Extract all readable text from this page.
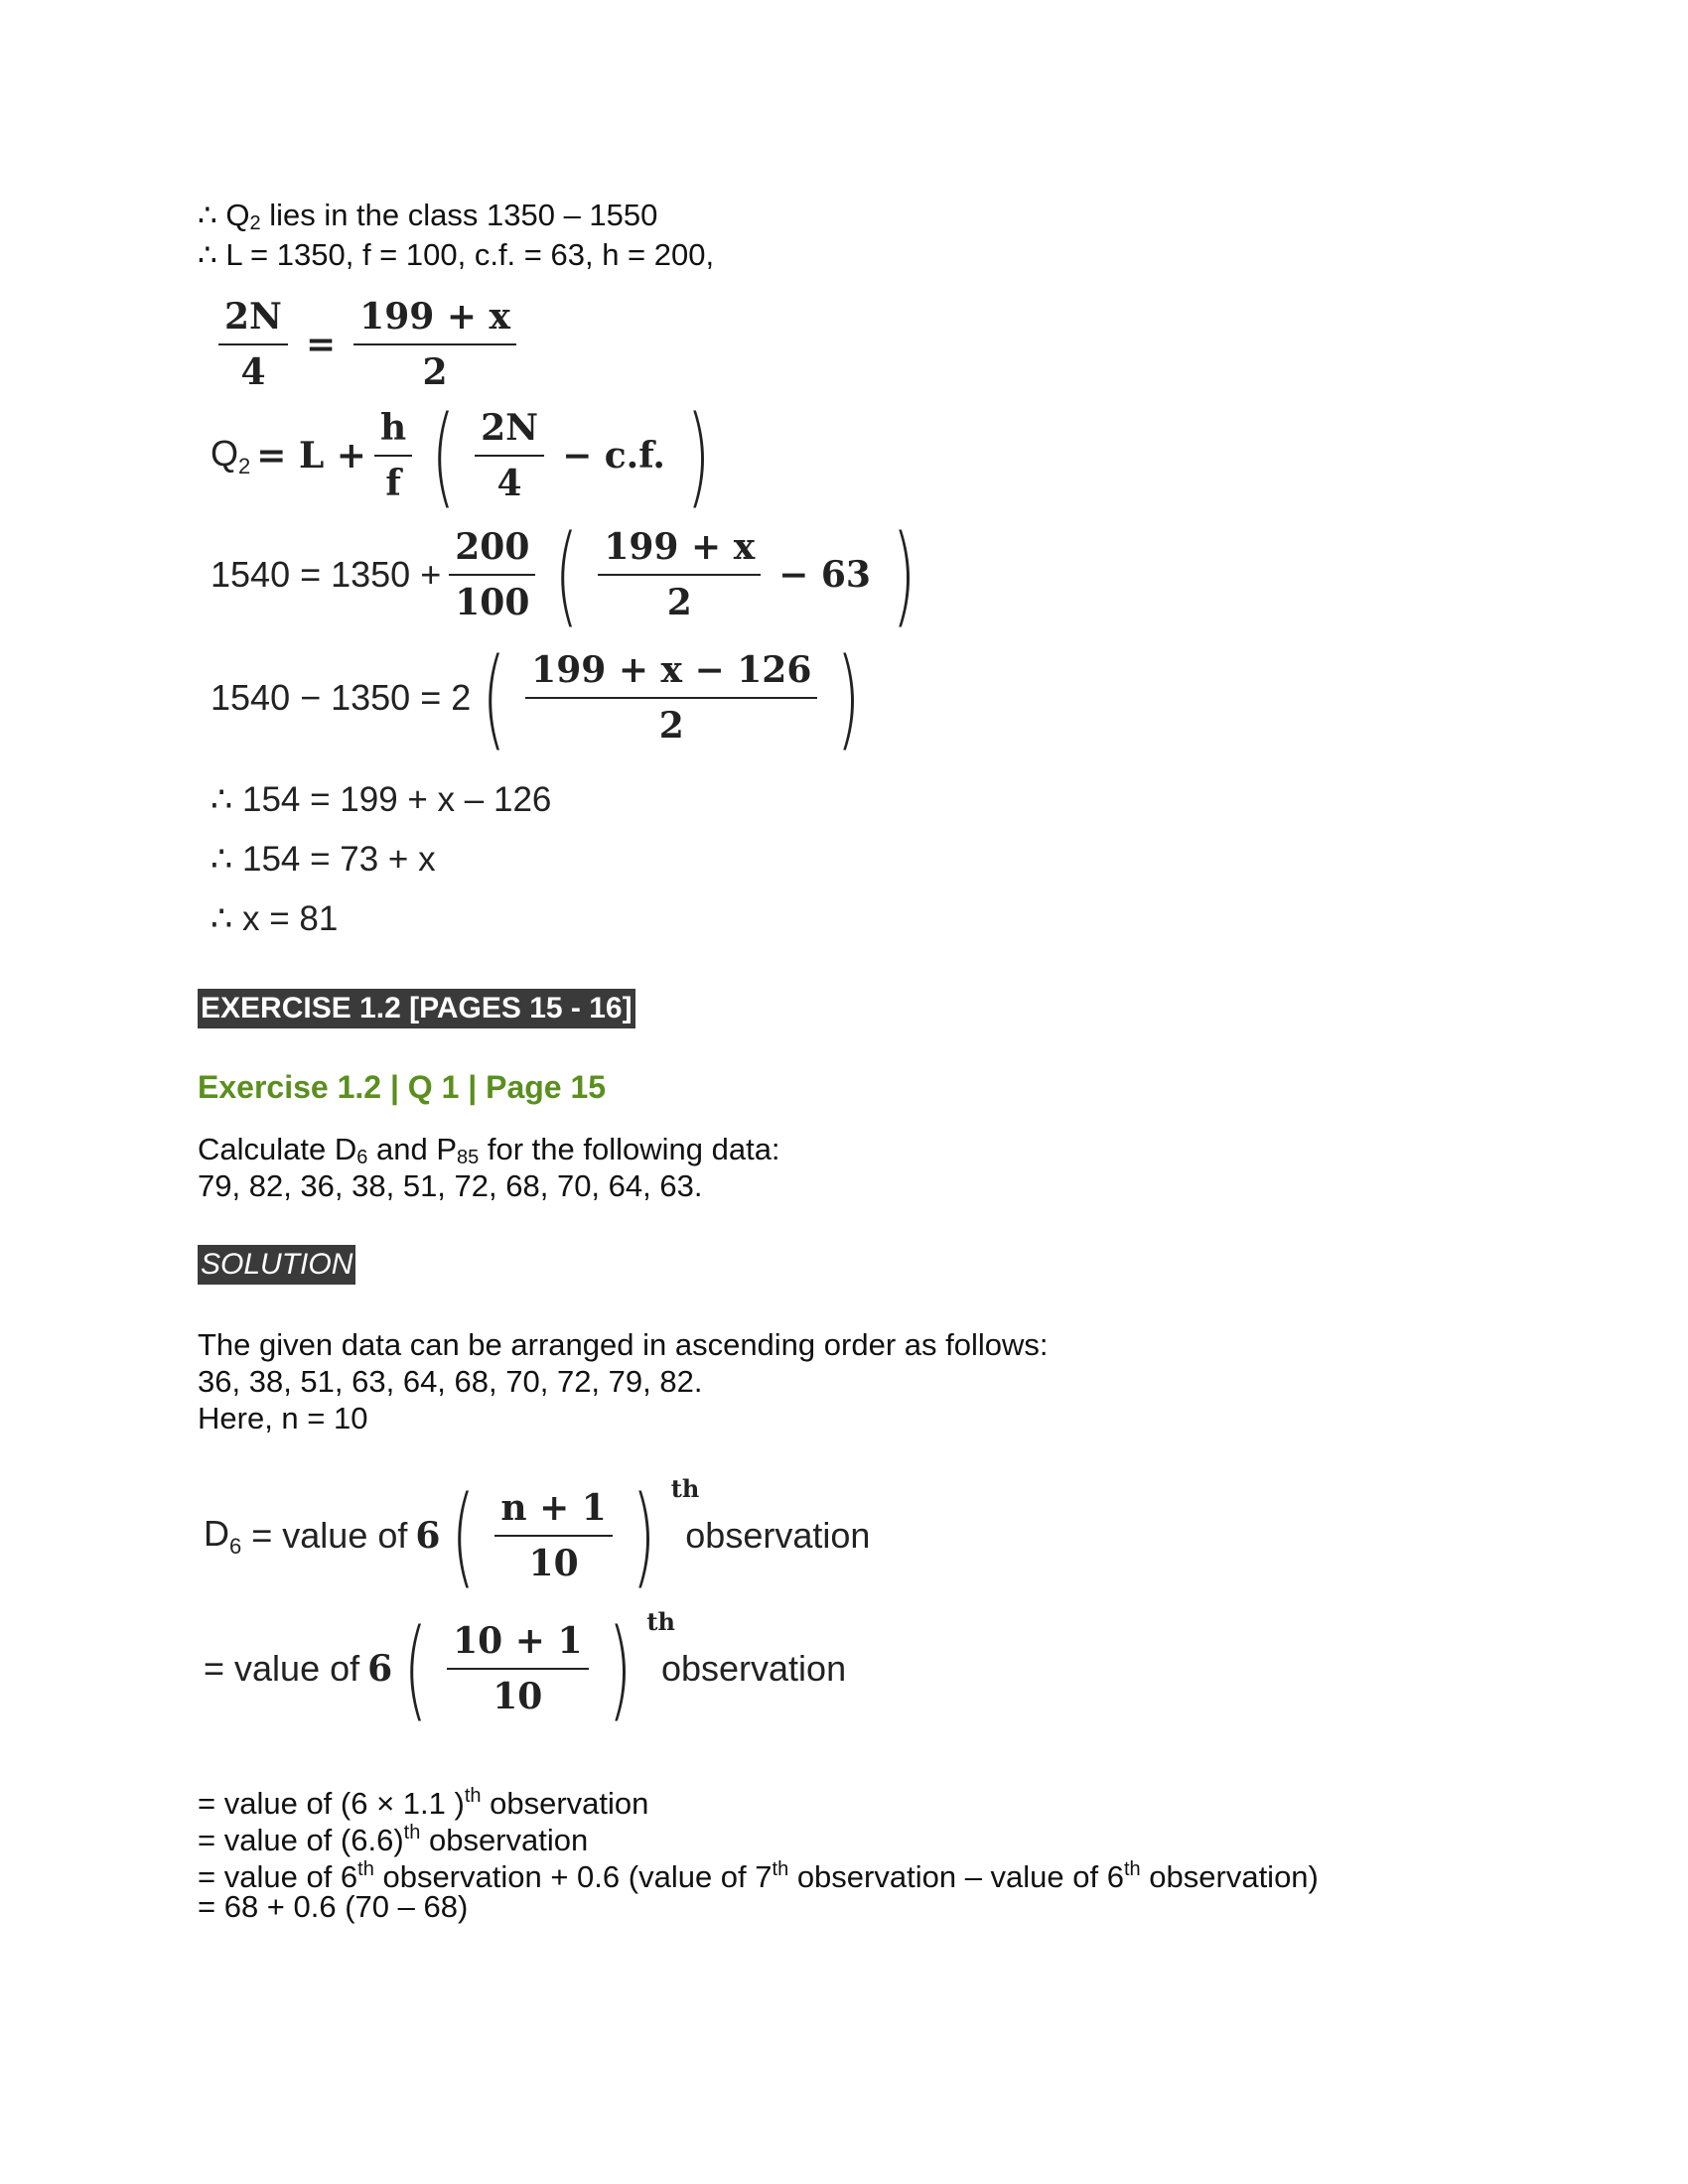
∴ $Q_2$ lies in the class 1350 – 1550
∴ L = 1350, f = 100, c.f. = 63, h = 200,
$\frac{2N}{4} = \frac{199 + x}{2}$
$Q_2 = L + \frac{h}{f}$ ( $\frac{2N}{4} - c.f$. )
$1540 = 1350 + \frac{200}{100}$ ( $\frac{199 + x}{2} - 63$ )
1540 − 1350 = 2 ( $\frac{199 + x - 126}{2}$ )
∴ 154 = 199 + x – 126
∴ 154 = 73 + x
∴ x = 81
EXERCISE 1.2 [PAGES 15 - 16]
Exercise 1.2 | Q 1 | Page 15
Calculate $D_6$ and $P_{85}$ for the following data:
79, 82, 36, 38, 51, 72, 68, 70, 64, 63.
SOLUTION
The given data can be arranged in ascending order as follows:
36, 38, 51, 63, 64, 68, 70, 72, 79, 82.
Here, n = 10
$D_6$ = value of 6 ( $\frac{n + 1}{10}$ ) th
observation
= value of 6 ( $\frac{10 + 1}{10}$ ) th
observation
= value of (6 × 1.1 )$^{th}$ observation
= value of $(6.6)^{th}$ observation
= value of 6th observation + 0.6 (value of 7th observation – value of 6th observation)
= 68 + 0.6 (70 – 68)
